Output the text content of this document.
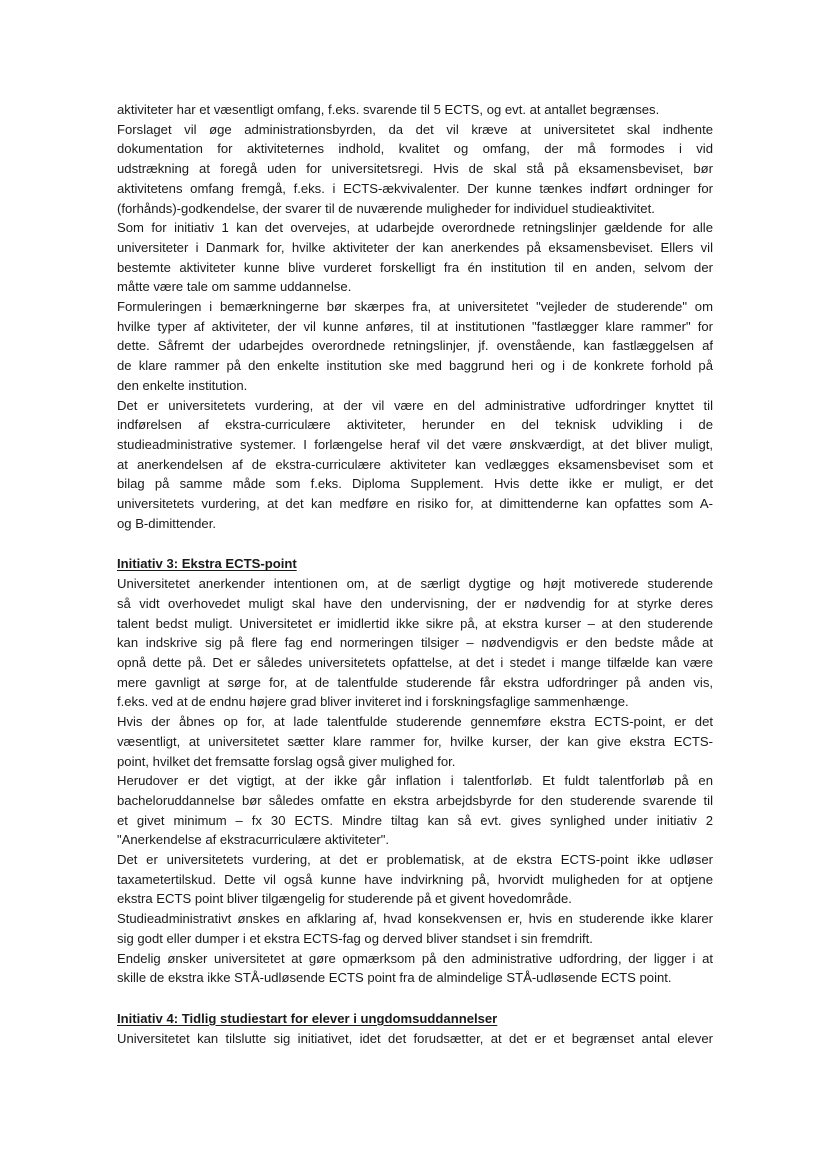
aktiviteter har et væsentligt omfang, f.eks. svarende til 5 ECTS, og evt. at antallet begrænses.
Forslaget vil øge administrationsbyrden, da det vil kræve at universitetet skal indhente
dokumentation for aktiviteternes indhold, kvalitet og omfang, der må formodes i vid
udstrækning at foregå uden for universitetsregi. Hvis de skal stå på eksamensbeviset, bør
aktivitetens omfang fremgå, f.eks. i ECTS-ækvivalenter. Der kunne tænkes indført ordninger for
(forhånds)-godkendelse, der svarer til de nuværende muligheder for individuel studieaktivitet.
Som for initiativ 1 kan det overvejes, at udarbejde overordnede retningslinjer gældende for alle
universiteter i Danmark for, hvilke aktiviteter der kan anerkendes på eksamensbeviset. Ellers vil
bestemte aktiviteter kunne blive vurderet forskelligt fra én institution til en anden, selvom der
måtte være tale om samme uddannelse.
Formuleringen i bemærkningerne bør skærpes fra, at universitetet "vejleder de studerende" om
hvilke typer af aktiviteter, der vil kunne anføres, til at institutionen "fastlægger klare rammer" for
dette. Såfremt der udarbejdes overordnede retningslinjer, jf. ovenstående, kan fastlæggelsen af
de klare rammer på den enkelte institution ske med baggrund heri og i de konkrete forhold på
den enkelte institution.
Det er universitetets vurdering, at der vil være en del administrative udfordringer knyttet til
indførelsen af ekstra-curriculære aktiviteter, herunder en del teknisk udvikling i de
studieadministrative systemer. I forlængelse heraf vil det være ønskværdigt, at det bliver muligt,
at anerkendelsen af de ekstra-curriculære aktiviteter kan vedlægges eksamensbeviset som et
bilag på samme måde som f.eks. Diploma Supplement. Hvis dette ikke er muligt, er det
universitetets vurdering, at det kan medføre en risiko for, at dimittenderne kan opfattes som A-
og B-dimittender.
Initiativ 3: Ekstra ECTS-point
Universitetet anerkender intentionen om, at de særligt dygtige og højt motiverede studerende
så vidt overhovedet muligt skal have den undervisning, der er nødvendig for at styrke deres
talent bedst muligt. Universitetet er imidlertid ikke sikre på, at ekstra kurser – at den studerende
kan indskrive sig på flere fag end normeringen tilsiger – nødvendigvis er den bedste måde at
opnå dette på. Det er således universitetets opfattelse, at det i stedet i mange tilfælde kan være
mere gavnligt at sørge for, at de talentfulde studerende får ekstra udfordringer på anden vis,
f.eks. ved at de endnu højere grad bliver inviteret ind i forskningsfaglige sammenhænge.
Hvis der åbnes op for, at lade talentfulde studerende gennemføre ekstra ECTS-point, er det
væsentligt, at universitetet sætter klare rammer for, hvilke kurser, der kan give ekstra ECTS-
point, hvilket det fremsatte forslag også giver mulighed for.
Herudover er det vigtigt, at der ikke går inflation i talentforløb. Et fuldt talentforløb på en
bacheloruddannelse bør således omfatte en ekstra arbejdsbyrde for den studerende svarende til
et givet minimum – fx 30 ECTS. Mindre tiltag kan så evt. gives synlighed under initiativ 2
"Anerkendelse af ekstracurriculære aktiviteter".
Det er universitetets vurdering, at det er problematisk, at de ekstra ECTS-point ikke udløser
taxametertilskud. Dette vil også kunne have indvirkning på, hvorvidt muligheden for at optjene
ekstra ECTS point bliver tilgængelig for studerende på et givent hovedområde.
Studieadministrativt ønskes en afklaring af, hvad konsekvensen er, hvis en studerende ikke klarer
sig godt eller dumper i et ekstra ECTS-fag og derved bliver standset i sin fremdrift.
Endelig ønsker universitetet at gøre opmærksom på den administrative udfordring, der ligger i at
skille de ekstra ikke STÅ-udløsende ECTS point fra de almindelige STÅ-udløsende ECTS point.
Initiativ 4: Tidlig studiestart for elever i ungdomsuddannelser
Universitetet kan tilslutte sig initiativet, idet det forudsætter, at det er et begrænset antal elever
